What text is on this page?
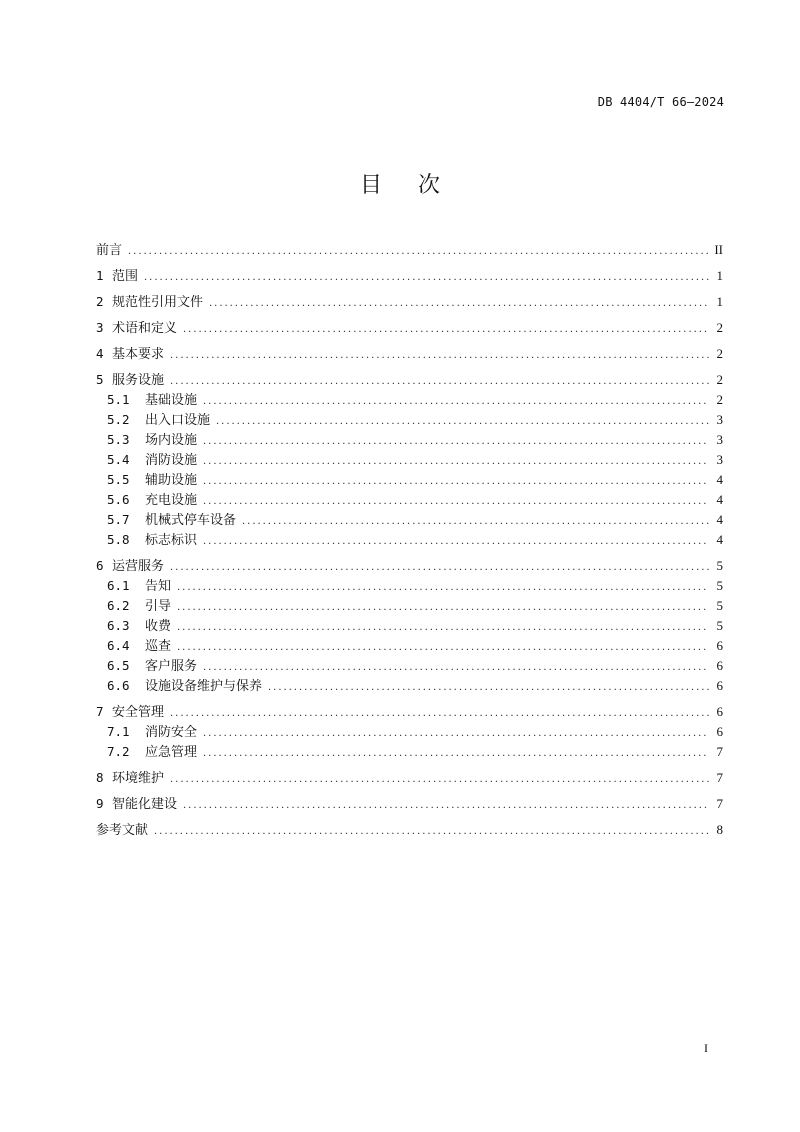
DB 4404/T 66—2024
目次
前言 . . .	II
1 范围 . . .	1
2 规范性引用文件 . . .	1
3 术语和定义 . . .	2
4 基本要求 . . .	2
5 服务设施 . . .	2
5.1	基础设施 . . .	2
5.2	出入口设施 . . .	3
5.3	场内设施 . . .	3
5.4	消防设施 . . .	3
5.5	辅助设施 . . .	4
5.6	充电设施 . . .	4
5.7	机械式停车设备 . . .	4
5.8	标志标识 . . .	4
6 运营服务 . . .	5
6.1	告知 . . .	5
6.2	引导 . . .	5
6.3	收费 . . .	5
6.4	巡查 . . .	6
6.5	客户服务 . . .	6
6.6	设施设备维护与保养 . . .	6
7 安全管理 . . .	6
7.1	消防安全 . . .	6
7.2	应急管理 . . .	7
8 环境维护 . . .	7
9 智能化建设 . . .	7
参考文献 . . .	8
I
